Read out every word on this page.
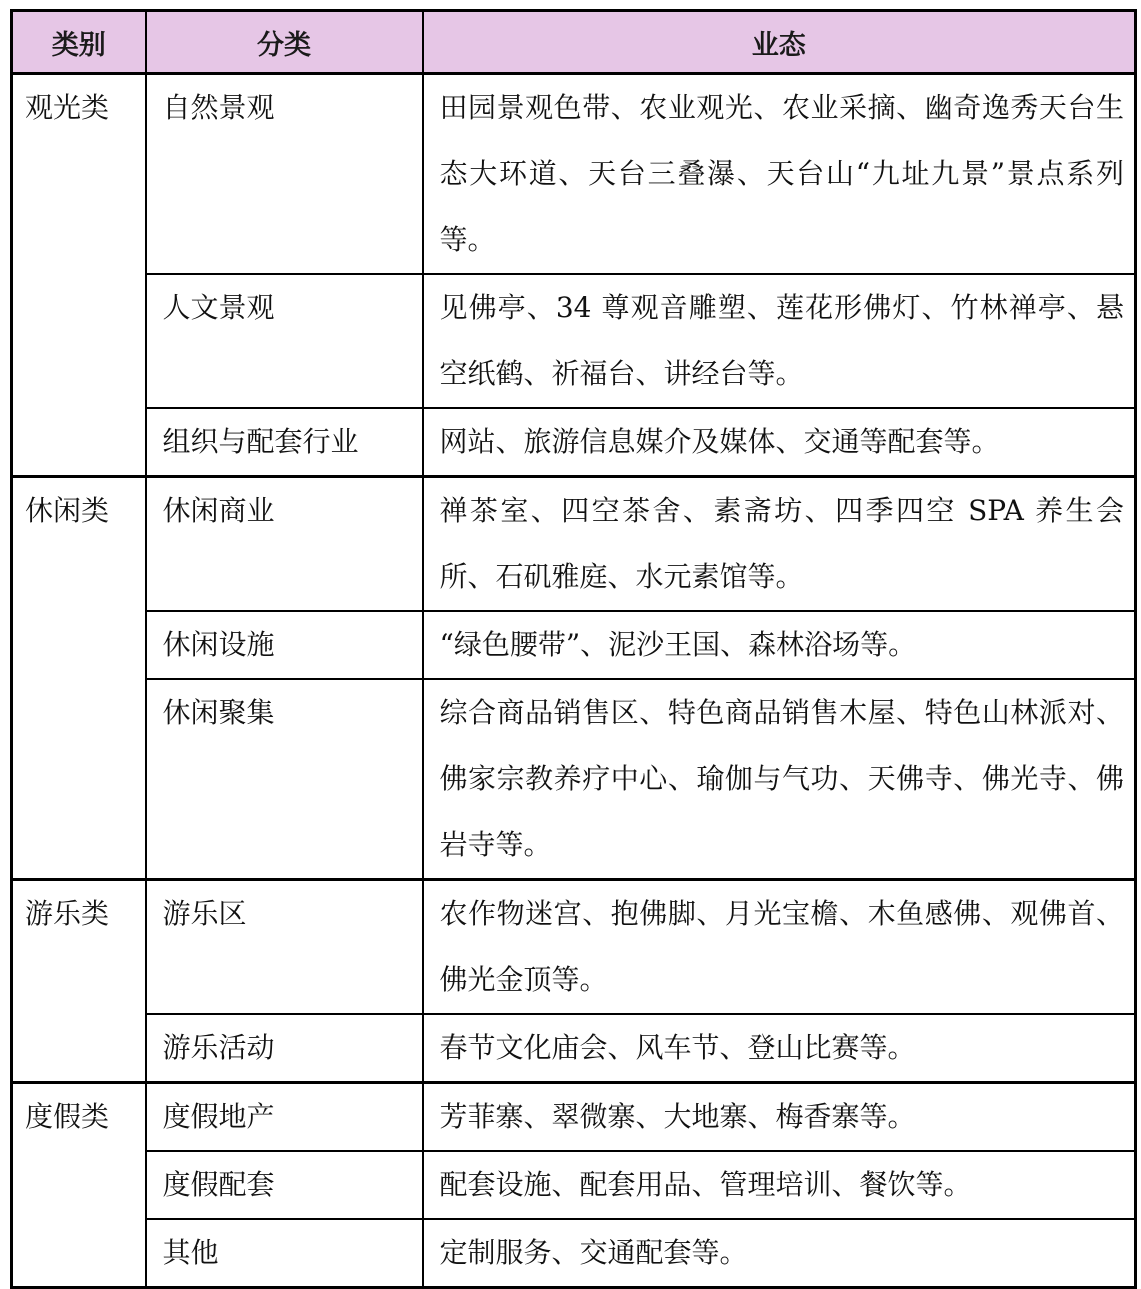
类别	分类	业态

观光类	自然景观	田园景观色带、农业观光、农业采摘、幽奇逸秀天台生态大环道、天台三叠瀑、天台山“九址九景”景点系列等。

	人文景观	见佛亭、34 尊观音雕塑、莲花形佛灯、竹林禅亭、悬空纸鹤、祈福台、讲经台等。

	组织与配套行业	网站、旅游信息媒介及媒体、交通等配套等。

休闲类	休闲商业	禅茶室、四空茶舍、素斋坊、四季四空 SPA 养生会所、石矶雅庭、水元素馆等。

	休闲设施	“绿色腰带”、泥沙王国、森林浴场等。

	休闲聚集	综合商品销售区、特色商品销售木屋、特色山林派对、佛家宗教养疗中心、瑜伽与气功、天佛寺、佛光寺、佛岩寺等。

游乐类	游乐区	农作物迷宫、抱佛脚、月光宝檐、木鱼感佛、观佛首、佛光金顶等。

	游乐活动	春节文化庙会、风车节、登山比赛等。

度假类	度假地产	芳菲寨、翠微寨、大地寨、梅香寨等。

	度假配套	配套设施、配套用品、管理培训、餐饮等。

	其他	定制服务、交通配套等。
